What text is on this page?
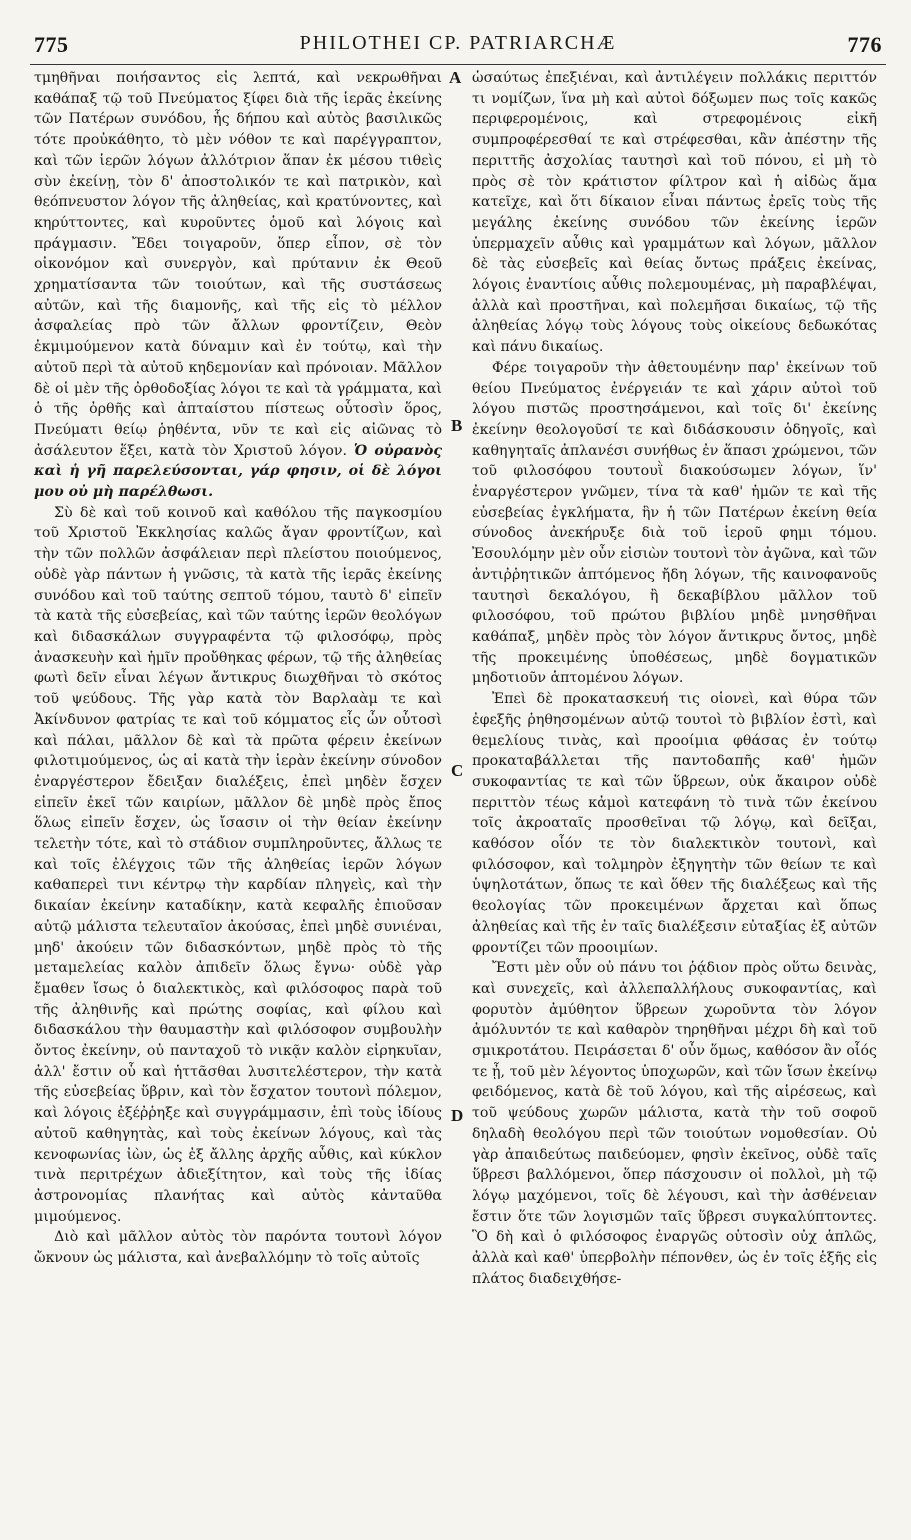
775	PHILOTHEI CP. PATRIARCHÆ	776
A
B
C
D

τμηθῆναι ποιήσαντος εἰς λεπτά, καὶ νεκρωθῆναι καθάπαξ τῷ τοῦ Πνεύματος ξίφει διὰ τῆς ἱερᾶς ἐκείνης τῶν Πατέρων συνόδου, ἧς δήπου καὶ αὐτὸς βασιλικῶς τότε προὐκάθητο, τὸ μὲν νόθον τε καὶ παρέγγραπτον, καὶ τῶν ἱερῶν λόγων ἀλλότριον ἅπαν ἐκ μέσου τιθεὶς σὺν ἐκείνῃ, τὸν δ' ἀποστολικόν τε καὶ πατρικὸν, καὶ θεόπνευστον λόγον τῆς ἀληθείας, καὶ κρατύνοντες, καὶ κηρύττοντες, καὶ κυροῦντες ὁμοῦ καὶ λόγοις καὶ πράγμασιν. Ἔδει τοιγαροῦν, ὅπερ εἶπον, σὲ τὸν οἰκονόμον καὶ συνεργὸν, καὶ πρύτανιν ἐκ Θεοῦ χρηματίσαντα τῶν τοιούτων, καὶ τῆς συστάσεως αὐτῶν, καὶ τῆς διαμονῆς, καὶ τῆς εἰς τὸ μέλλον ἀσφαλείας πρὸ τῶν ἄλλων φροντίζειν, Θεὸν ἐκμιμούμενον κατὰ δύναμιν καὶ ἐν τούτῳ, καὶ τὴν αὐτοῦ περὶ τὰ αὐτοῦ κηδεμονίαν καὶ πρόνοιαν. Μᾶλλον δὲ οἱ μὲν τῆς ὀρθοδοξίας λόγοι τε καὶ τὰ γράμματα, καὶ ὁ τῆς ὀρθῆς καὶ ἀπταίστου πίστεως οὗτοσὶν ὅρος, Πνεύματι θείῳ ῥηθέντα, νῦν τε καὶ εἰς αἰῶνας τὸ ἀσάλευτον ἕξει, κατὰ τὸν Χριστοῦ λόγον. Ὁ οὐρανὸς καὶ ἡ γῆ παρελεύσονται, γάρ φησιν, οἱ δὲ λόγοι μου οὐ μὴ παρέλθωσι.

Σὺ δὲ καὶ τοῦ κοινοῦ καὶ καθόλου τῆς παγκοσμίου τοῦ Χριστοῦ Ἐκκλησίας καλῶς ἄγαν φροντίζων, καὶ τὴν τῶν πολλῶν ἀσφάλειαν περὶ πλείστου ποιούμενος, οὐδὲ γὰρ πάντων ἡ γνῶσις, τὰ κατὰ τῆς ἱερᾶς ἐκείνης συνόδου καὶ τοῦ ταύτης σεπτοῦ τόμου, ταυτὸ δ' εἰπεῖν τὰ κατὰ τῆς εὐσεβείας, καὶ τῶν ταύτης ἱερῶν θεολόγων καὶ διδασκάλων συγγραφέντα τῷ φιλοσόφῳ, πρὸς ἀνασκευὴν καὶ ἡμῖν προὔθηκας φέρων, τῷ τῆς ἀληθείας φωτὶ δεῖν εἶναι λέγων ἄντικρυς διωχθῆναι τὸ σκότος τοῦ ψεύδους. Τῆς γὰρ κατὰ τὸν Βαρλαὰμ τε καὶ Ἀκίνδυνον φατρίας τε καὶ τοῦ κόμματος εἷς ὧν οὗτοσὶ καὶ πάλαι, μᾶλλον δὲ καὶ τὰ πρῶτα φέρειν ἐκείνων φιλοτιμούμενος, ὡς αἱ κατὰ τὴν ἱερὰν ἐκείνην σύνοδον ἐναργέστερον ἔδειξαν διαλέξεις, ἐπεὶ μηδὲν ἔσχεν εἰπεῖν ἐκεῖ τῶν καιρίων, μᾶλλον δὲ μηδὲ πρὸς ἔπος ὅλως εἰπεῖν ἔσχεν, ὡς ἴσασιν οἱ τὴν θείαν ἐκείνην τελετὴν τότε, καὶ τὸ στάδιον συμπληροῦντες, ἄλλως τε καὶ τοῖς ἐλέγχοις τῶν τῆς ἀληθείας ἱερῶν λόγων καθαπερεὶ τινι κέντρῳ τὴν καρδίαν πληγεὶς, καὶ τὴν δικαίαν ἐκείνην καταδίκην, κατὰ κεφαλῆς ἐπιοῦσαν αὐτῷ μάλιστα τελευταῖον ἀκούσας, ἐπεὶ μηδὲ συνιέναι, μηδ' ἀκούειν τῶν διδασκόντων, μηδὲ πρὸς τὸ τῆς μεταμελείας καλὸν ἀπιδεῖν ὅλως ἔγνω· οὐδὲ γὰρ ἔμαθεν ἴσως ὁ διαλεκτικὸς, καὶ φιλόσοφος παρὰ τοῦ τῆς ἀληθινῆς καὶ πρώτης σοφίας, καὶ φίλου καὶ διδασκάλου τὴν θαυμαστὴν καὶ φιλόσοφον συμβουλὴν ὄντος ἐκείνην, οὐ πανταχοῦ τὸ νικᾷν καλὸν εἰρηκυῖαν, ἀλλ' ἔστιν οὗ καὶ ἡττᾶσθαι λυσιτελέστερον, τὴν κατὰ τῆς εὐσεβείας ὕβριν, καὶ τὸν ἔσχατον τουτονὶ πόλεμον, καὶ λόγοις ἐξέῤῥηξε καὶ συγγράμμασιν, ἐπὶ τοὺς ἰδίους αὐτοῦ καθηγητὰς, καὶ τοὺς ἐκείνων λόγους, καὶ τὰς κενοφωνίας ἰὼν, ὡς ἐξ ἄλλης ἀρχῆς αὖθις, καὶ κύκλον τινὰ περιτρέχων ἀδιεξίτητον, καὶ τοὺς τῆς ἰδίας ἀστρονομίας πλανήτας καὶ αὐτὸς κἀνταῦθα μιμούμενος.

Διὸ καὶ μᾶλλον αὐτὸς τὸν παρόντα τουτονὶ λόγον ὤκνουν ὡς μάλιστα, καὶ ἀνεβαλλόμην τὸ τοῖς αὐτοῖς

ὡσαύτως ἐπεξιέναι, καὶ ἀντιλέγειν πολλάκις περιττόν τι νομίζων, ἵνα μὴ καὶ αὐτοὶ δόξωμεν πως τοῖς κακῶς περιφερομένοις, καὶ στρεφομένοις εἰκῆ συμπροφέρεσθαί τε καὶ στρέφεσθαι, κἂν ἀπέστην τῆς περιττῆς ἀσχολίας ταυτησὶ καὶ τοῦ πόνου, εἰ μὴ τὸ πρὸς σὲ τὸν κράτιστον φίλτρον καὶ ἡ αἰδὼς ἅμα κατεῖχε, καὶ ὅτι δίκαιον εἶναι πάντως ἐρεῖς τοὺς τῆς μεγάλης ἐκείνης συνόδου τῶν ἐκείνης ἱερῶν ὑπερμαχεῖν αὖθις καὶ γραμμάτων καὶ λόγων, μᾶλλον δὲ τὰς εὐσεβεῖς καὶ θείας ὄντως πράξεις ἐκείνας, λόγοις ἐναντίοις αὖθις πολεμουμένας, μὴ παραβλέψαι, ἀλλὰ καὶ προστῆναι, καὶ πολεμῆσαι δικαίως, τῷ τῆς ἀληθείας λόγῳ τοὺς λόγους τοὺς οἰκείους δεδωκότας καὶ πάνυ δικαίως.

Φέρε τοιγαροῦν τὴν ἀθετουμένην παρ' ἐκείνων τοῦ θείου Πνεύματος ἐνέργειάν τε καὶ χάριν αὐτοὶ τοῦ λόγου πιστῶς προστησάμενοι, καὶ τοῖς δι' ἐκείνης ἐκείνην θεολογοῦσί τε καὶ διδάσκουσιν ὁδηγοῖς, καὶ καθηγηταῖς ἀπλανέσι συνήθως ἐν ἅπασι χρώμενοι, τῶν τοῦ φιλοσόφου τουτουῒ διακούσωμεν λόγων, ἵν' ἐναργέστερον γνῶμεν, τίνα τὰ καθ' ἡμῶν τε καὶ τῆς εὐσεβείας ἐγκλήματα, ἣν ἡ τῶν Πατέρων ἐκείνη θεία σύνοδος ἀνεκήρυξε διὰ τοῦ ἱεροῦ φημι τόμου. Ἐσουλόμην μὲν οὖν εἰσιὼν τουτονὶ τὸν ἀγῶνα, καὶ τῶν ἀντιῤῥητικῶν ἁπτόμενος ἤδη λόγων, τῆς καινοφανοῦς ταυτησὶ δεκαλόγου, ἢ δεκαβίβλου μᾶλλον τοῦ φιλοσόφου, τοῦ πρώτου βιβλίου μηδὲ μνησθῆναι καθάπαξ, μηδὲν πρὸς τὸν λόγον ἄντικρυς ὄντος, μηδὲ τῆς προκειμένης ὑποθέσεως, μηδὲ δογματικῶν μηδοτιοῦν ἁπτομένου λόγων.

Ἐπεὶ δὲ προκατασκευή τις οἱονεὶ, καὶ θύρα τῶν ἐφεξῆς ῥηθησομένων αὐτῷ τουτοὶ τὸ βιβλίον ἐστὶ, καὶ θεμελίους τινὰς, καὶ προοίμια φθάσας ἐν τούτῳ προκαταβάλλεται τῆς παντοδαπῆς καθ' ἡμῶν συκοφαντίας τε καὶ τῶν ὕβρεων, οὐκ ἄκαιρον οὐδὲ περιττὸν τέως κἀμοὶ κατεφάνη τὸ τινὰ τῶν ἐκείνου τοῖς ἀκροαταῖς προσθεῖναι τῷ λόγῳ, καὶ δεῖξαι, καθόσον οἷόν τε τὸν διαλεκτικὸν τουτονὶ, καὶ φιλόσοφον, καὶ τολμηρὸν ἐξηγητὴν τῶν θείων τε καὶ ὑψηλοτάτων, ὅπως τε καὶ ὅθεν τῆς διαλέξεως καὶ τῆς θεολογίας τῶν προκειμένων ἄρχεται καὶ ὅπως ἀληθείας καὶ τῆς ἐν ταῖς διαλέξεσιν εὐταξίας ἐξ αὐτῶν φροντίζει τῶν προοιμίων.

Ἔστι μὲν οὖν οὐ πάνυ τοι ῥᾴδιον πρὸς οὕτω δεινὰς, καὶ συνεχεῖς, καὶ ἀλλεπαλλήλους συκοφαντίας, καὶ φορυτὸν ἀμύθητον ὕβρεων χωροῦντα τὸν λόγον ἀμόλυντόν τε καὶ καθαρὸν τηρηθῆναι μέχρι δὴ καὶ τοῦ σμικροτάτου. Πειράσεται δ' οὖν ὅμως, καθόσον ἂν οἷός τε ᾖ, τοῦ μὲν λέγοντος ὑποχωρῶν, καὶ τῶν ἴσων ἐκείνῳ φειδόμενος, κατὰ δὲ τοῦ λόγου, καὶ τῆς αἱρέσεως, καὶ τοῦ ψεύδους χωρῶν μάλιστα, κατὰ τὴν τοῦ σοφοῦ δηλαδὴ θεολόγου περὶ τῶν τοιούτων νομοθεσίαν. Οὐ γὰρ ἀπαιδεύτως παιδεύομεν, φησὶν ἐκεῖνος, οὐδὲ ταῖς ὕβρεσι βαλλόμενοι, ὅπερ πάσχουσιν οἱ πολλοὶ, μὴ τῷ λόγῳ μαχόμενοι, τοῖς δὲ λέγουσι, καὶ τὴν ἀσθένειαν ἔστιν ὅτε τῶν λογισμῶν ταῖς ὕβρεσι συγκαλύπτοντες. Ὃ δὴ καὶ ὁ φιλόσοφος ἐναργῶς οὑτοσὶν οὐχ ἁπλῶς, ἀλλὰ καὶ καθ' ὑπερβολὴν πέπονθεν, ὡς ἐν τοῖς ἑξῆς εἰς πλάτος διαδειχθήσε-
